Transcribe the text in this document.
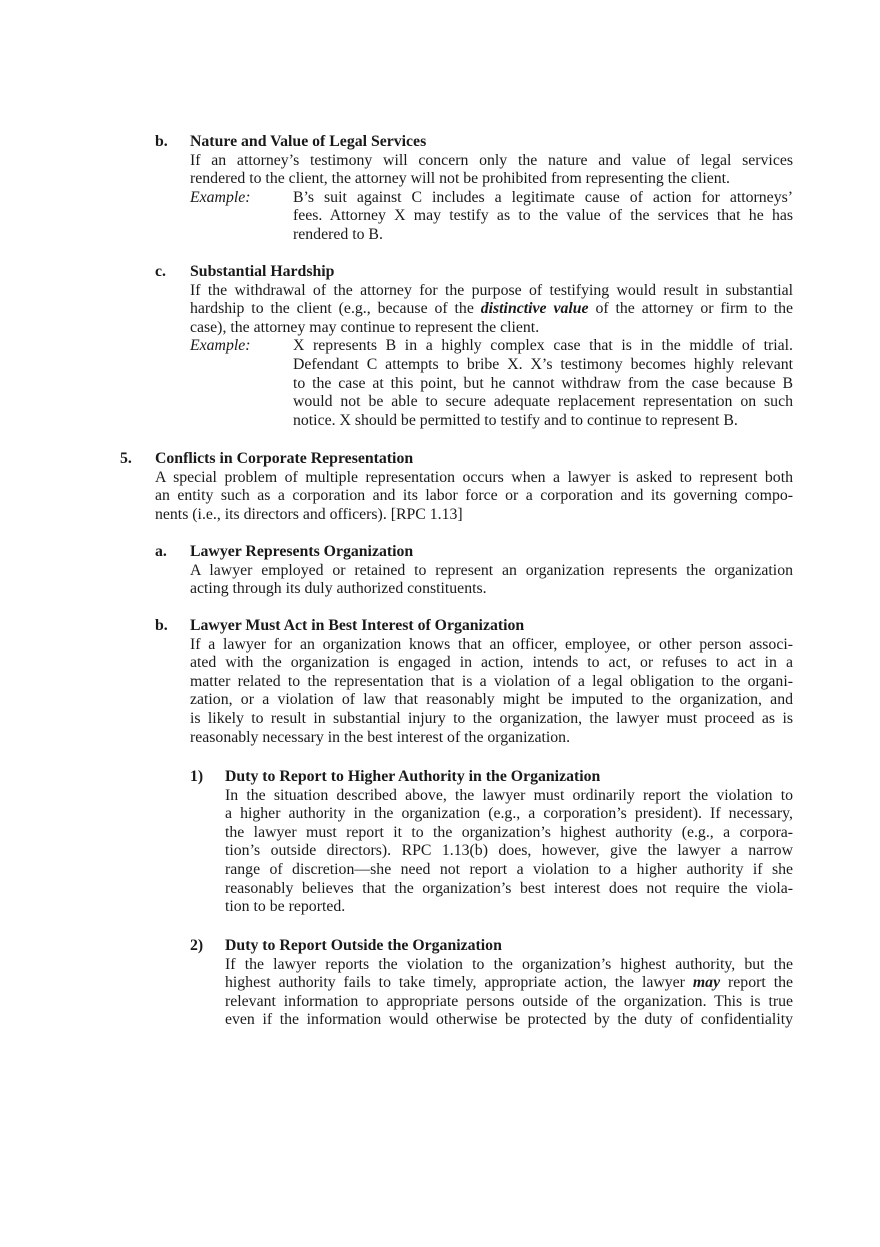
b. Nature and Value of Legal Services
If an attorney’s testimony will concern only the nature and value of legal services
rendered to the client, the attorney will not be prohibited from representing the client.
Example:	B’s suit against C includes a legitimate cause of action for attorneys’
fees. Attorney X may testify as to the value of the services that he has
rendered to B.
c. Substantial Hardship
If the withdrawal of the attorney for the purpose of testifying would result in substantial
hardship to the client (e.g., because of the distinctive value of the attorney or firm to the
case), the attorney may continue to represent the client.
Example:	X represents B in a highly complex case that is in the middle of trial.
Defendant C attempts to bribe X. X’s testimony becomes highly relevant
to the case at this point, but he cannot withdraw from the case because B
would not be able to secure adequate replacement representation on such
notice. X should be permitted to testify and to continue to represent B.
5. Conflicts in Corporate Representation
A special problem of multiple representation occurs when a lawyer is asked to represent both
an entity such as a corporation and its labor force or a corporation and its governing compo-
nents (i.e., its directors and officers). [RPC 1.13]
a. Lawyer Represents Organization
A lawyer employed or retained to represent an organization represents the organization
acting through its duly authorized constituents.
b. Lawyer Must Act in Best Interest of Organization
If a lawyer for an organization knows that an officer, employee, or other person associ-
ated with the organization is engaged in action, intends to act, or refuses to act in a
matter related to the representation that is a violation of a legal obligation to the organi-
zation, or a violation of law that reasonably might be imputed to the organization, and
is likely to result in substantial injury to the organization, the lawyer must proceed as is
reasonably necessary in the best interest of the organization.
1) Duty to Report to Higher Authority in the Organization
In the situation described above, the lawyer must ordinarily report the violation to
a higher authority in the organization (e.g., a corporation’s president). If necessary,
the lawyer must report it to the organization’s highest authority (e.g., a corpora-
tion’s outside directors). RPC 1.13(b) does, however, give the lawyer a narrow
range of discretion—she need not report a violation to a higher authority if she
reasonably believes that the organization’s best interest does not require the viola-
tion to be reported.
2) Duty to Report Outside the Organization
If the lawyer reports the violation to the organization’s highest authority, but the
highest authority fails to take timely, appropriate action, the lawyer may report the
relevant information to appropriate persons outside of the organization. This is true
even if the information would otherwise be protected by the duty of confidentiality
